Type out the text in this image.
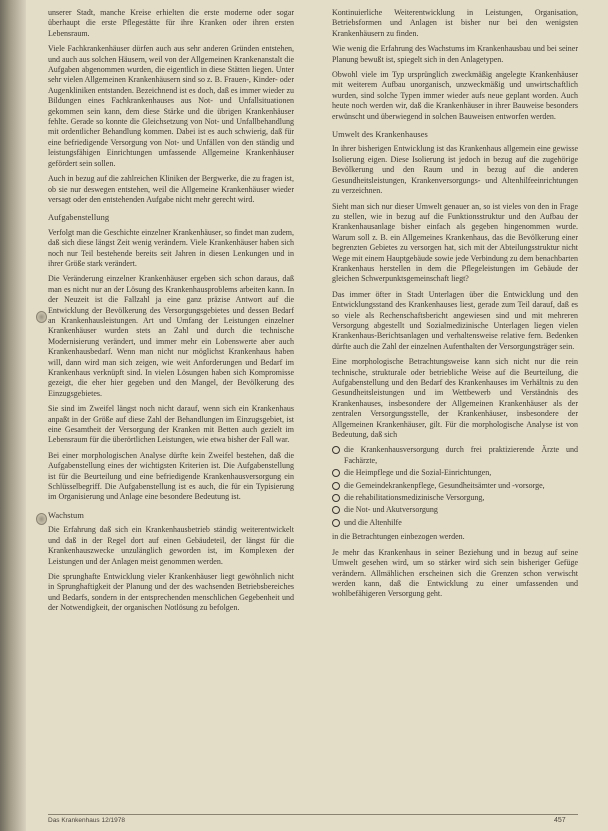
unserer Stadt, manche Kreise erhielten die erste moderne oder sogar überhaupt die erste Pflegestätte für ihre Kranken oder ihren ersten Lebensraum.

Viele Fachkrankenhäuser dürfen auch aus sehr anderen Gründen entstehen, und auch aus solchen Häusern, weil von der Allgemeinen Krankenanstalt die Aufgaben abgenommen wurden, die eigentlich in diese Stätten liegen. Unter sehr vielen Allgemeinen Krankenhäusern sind so z. B. Frauen-, Kinder- oder Augenkliniken entstanden. Bezeichnend ist es doch, daß es immer wieder zu Bildungen eines Fachkrankenhauses aus Not- und Unfallsituationen gekommen sein kann, dem diese Stärke und die übrigen Krankenhäuser fehlte. Gerade so konnte die Gleichsetzung von Not- und Unfallbehandlung mit ordentlicher Behandlung kommen. Dabei ist es auch schwierig, daß für eine befriedigende Versorgung von Not- und Unfällen von den ständig und leistungsfähigen Einrichtungen umfassende Allgemeine Krankenhäuser gefördert sein sollen.

Auch in bezug auf die zahlreichen Kliniken der Bergwerke, die zu fragen ist, ob sie nur deswegen entstehen, weil die Allgemeine Krankenhäuser wieder versagt oder den entstehenden Aufgabe nicht mehr gerecht wird.

Aufgabenstellung

Verfolgt man die Geschichte einzelner Krankenhäuser, so findet man zudem, daß sich diese längst Zeit wenig verändern. Viele Krankenhäuser haben sich noch nur Teil bestehende bereits seit Jahren in diesen Lenkungen und in ihrer Größe stark verändert.

Die Veränderung einzelner Krankenhäuser ergeben sich schon daraus, daß man es nicht nur an der Lösung des Krankenhausproblems arbeiten kann. In der Neuzeit ist die Fallzahl ja eine ganz präzise Antwort auf die Entwicklung der Bevölkerung des Versorgungsgebietes und dessen Bedarf an Krankenhausleistungen. Art und Umfang der Leistungen einzelner Krankenhäuser wurden stets an Zahl und durch die technische Modernisierung verändert, und immer mehr ein Lobenswerte aber auch Krankenhausbedarf. Wenn man nicht nur möglichst Krankenhaus haben will, dann wird man sich zeigen, wie weit Anforderungen und Bedarf im Krankenhaus verknüpft sind. In vielen Lösungen haben sich Kompromisse gezeigt, die eher hier gegeben und den Mangel, der Bevölkerung des Einzugsgebietes.

Sie sind im Zweifel längst noch nicht darauf, wenn sich ein Krankenhaus anpaßt in der Größe auf diese Zahl der Behandlungen im Einzugsgebiet, ist eine Gesamtheit der Versorgung der Kranken mit Betten auch gezielt im Lebensraum für die überörtlichen Leistungen, wie etwa bisher der Fall war.

Bei einer morphologischen Analyse dürfte kein Zweifel bestehen, daß die Aufgabenstellung eines der wichtigsten Kriterien ist. Die Aufgabenstellung ist für die Beurteilung und eine befriedigende Krankenhausversorgung ein Schlüsselbegriff. Die Aufgabenstellung ist es auch, die für ein Typisierung im Organisierung und Anlage eine besondere Bedeutung ist.

Wachstum

Die Erfahrung daß sich ein Krankenhausbetrieb ständig weiterentwickelt und daß in der Regel dort auf einen Gebäudeteil, der längst für die Krankenhauszwecke unzulänglich geworden ist, im Komplexen der Leistungen und der Anlagen meist genommen werden.

Die sprunghafte Entwicklung vieler Krankenhäuser liegt gewöhnlich nicht in Sprunghaftigkeit der Planung und der des wachsenden Betriebsbereiches und Bedarfs, sondern in der entsprechenden menschlichen Gegebenheit und der Notwendigkeit, der organischen Notlösung zu befolgen.

Kontinuierliche Weiterentwicklung in Leistungen, Organisation, Betriebsformen und Anlagen ist bisher nur bei den wenigsten Krankenhäusern zu finden.

Wie wenig die Erfahrung des Wachstums im Krankenhausbau und bei seiner Planung bewußt ist, spiegelt sich in den Anlagetypen.

Obwohl viele im Typ ursprünglich zweckmäßig angelegte Krankenhäuser mit weiterem Aufbau unorganisch, unzweckmäßig und unwirtschaftlich wurden, sind solche Typen immer wieder aufs neue geplant worden. Auch heute noch werden wir, daß die Krankenhäuser in ihrer Bauweise besonders erwünscht und überwiegend in solchen Bauweisen entworfen werden.

Umwelt des Krankenhauses

In ihrer bisherigen Entwicklung ist das Krankenhaus allgemein eine gewisse Isolierung eigen. Diese Isolierung ist jedoch in bezug auf die zugehörige Bevölkerung und den Raum und in bezug auf die anderen Gesundheitsleistungen, Krankenversorgungs- und Altenhilfeeinrichtungen zu verzeichnen.

Sieht man sich nur dieser Umwelt genauer an, so ist vieles von den in Frage zu stellen, wie in bezug auf die Funktionsstruktur und den Aufbau der Krankenhausanlage bisher einfach als gegeben hingenommen wurde. Warum soll z. B. ein Allgemeines Krankenhaus, das die Bevölkerung einer begrenzten Gebietes zu versorgen hat, sich mit der Abteilungsstruktur nicht Wege mit einem Hauptgebäude sowie jede Verbindung zu dem benachbarten Krankenhaus herstellen in dem die Pflegeleistungen im Gebäude der gleichen Schwerpunktsgemeinschaft liegt?

Das immer öfter in Stadt Unterlagen über die Entwicklung und den Entwicklungsstand des Krankenhauses liest, gerade zum Teil darauf, daß es so viele als Rechenschaftsbericht angewiesen sind und mit mehreren Versorgung abgestellt und Sozialmedizinische Unterlagen liegen vielen Krankenhaus-Berichtsanlagen und verhaltensweise relative fern. Bedenken dürfte auch die Zahl der einzelnen Aufenthalten der Versorgungsträger sein.

Eine morphologische Betrachtungsweise kann sich nicht nur die rein technische, strukturale oder betriebliche Weise auf die Beurteilung, die Aufgabenstellung und den Bedarf des Krankenhauses im Verhältnis zu den Gesundheitsleistungen und im Wettbewerb und Verständnis des Krankenhauses, insbesondere der Allgemeinen Krankenhäuser als der zentralen Versorgungsstelle, der Krankenhäuser, insbesondere der Allgemeinen Krankenhäuser, gilt. Für die morphologische Analyse ist von Bedeutung, daß sich

die Krankenhausversorgung durch frei praktizierende Ärzte und Fachärzte,
die Heimpflege und die Sozial-Einrichtungen,
die Gemeindekrankenpflege, Gesundheitsämter und -vorsorge,
die rehabilitationsmedizinische Versorgung,
die Not- und Akutversorgung
und die Altenhilfe

in die Betrachtungen einbezogen werden.

Je mehr das Krankenhaus in seiner Beziehung und in bezug auf seine Umwelt gesehen wird, um so stärker wird sich sein bisheriger Gefüge verändern. Allmählichen erscheinen sich die Grenzen schon verwischt werden kann, daß die Entwicklung zu einer umfassenden und wohlbefähigeren Versorgung geht.

Das Krankenhaus 12/1978	457
